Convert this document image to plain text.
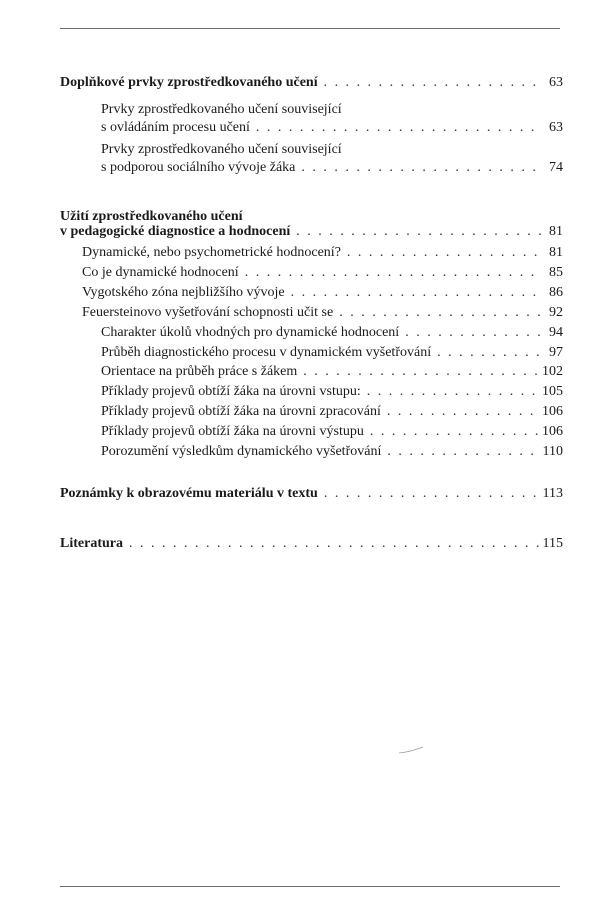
Doplňkové prvky zprostředkovaného učení . . .	63
Prvky zprostředkovaného učení související
s ovládáním procesu učení . . .	63
Prvky zprostředkovaného učení související
s podporou sociálního vývoje žáka . . .	74
Užití zprostředkovaného učení
v pedagogické diagnostice a hodnocení . . .	81
Dynamické, nebo psychometrické hodnocení? . . .	81
Co je dynamické hodnocení . . .	85
Vygotského zóna nejbližšího vývoje . . .	86
Feuersteinovo vyšetřování schopnosti učit se . . .	92
Charakter úkolů vhodných pro dynamické hodnocení . . .	94
Průběh diagnostického procesu v dynamickém vyšetřování . . .	97
Orientace na průběh práce s žákem . . .	102
Příklady projevů obtíží žáka na úrovni vstupu: . . .	105
Příklady projevů obtíží žáka na úrovni zpracování . . .	106
Příklady projevů obtíží žáka na úrovni výstupu . . .	106
Porozumění výsledkům dynamického vyšetřování . . .	110
Poznámky k obrazovému materiálu v textu . . .	113
Literatura . . .	115
